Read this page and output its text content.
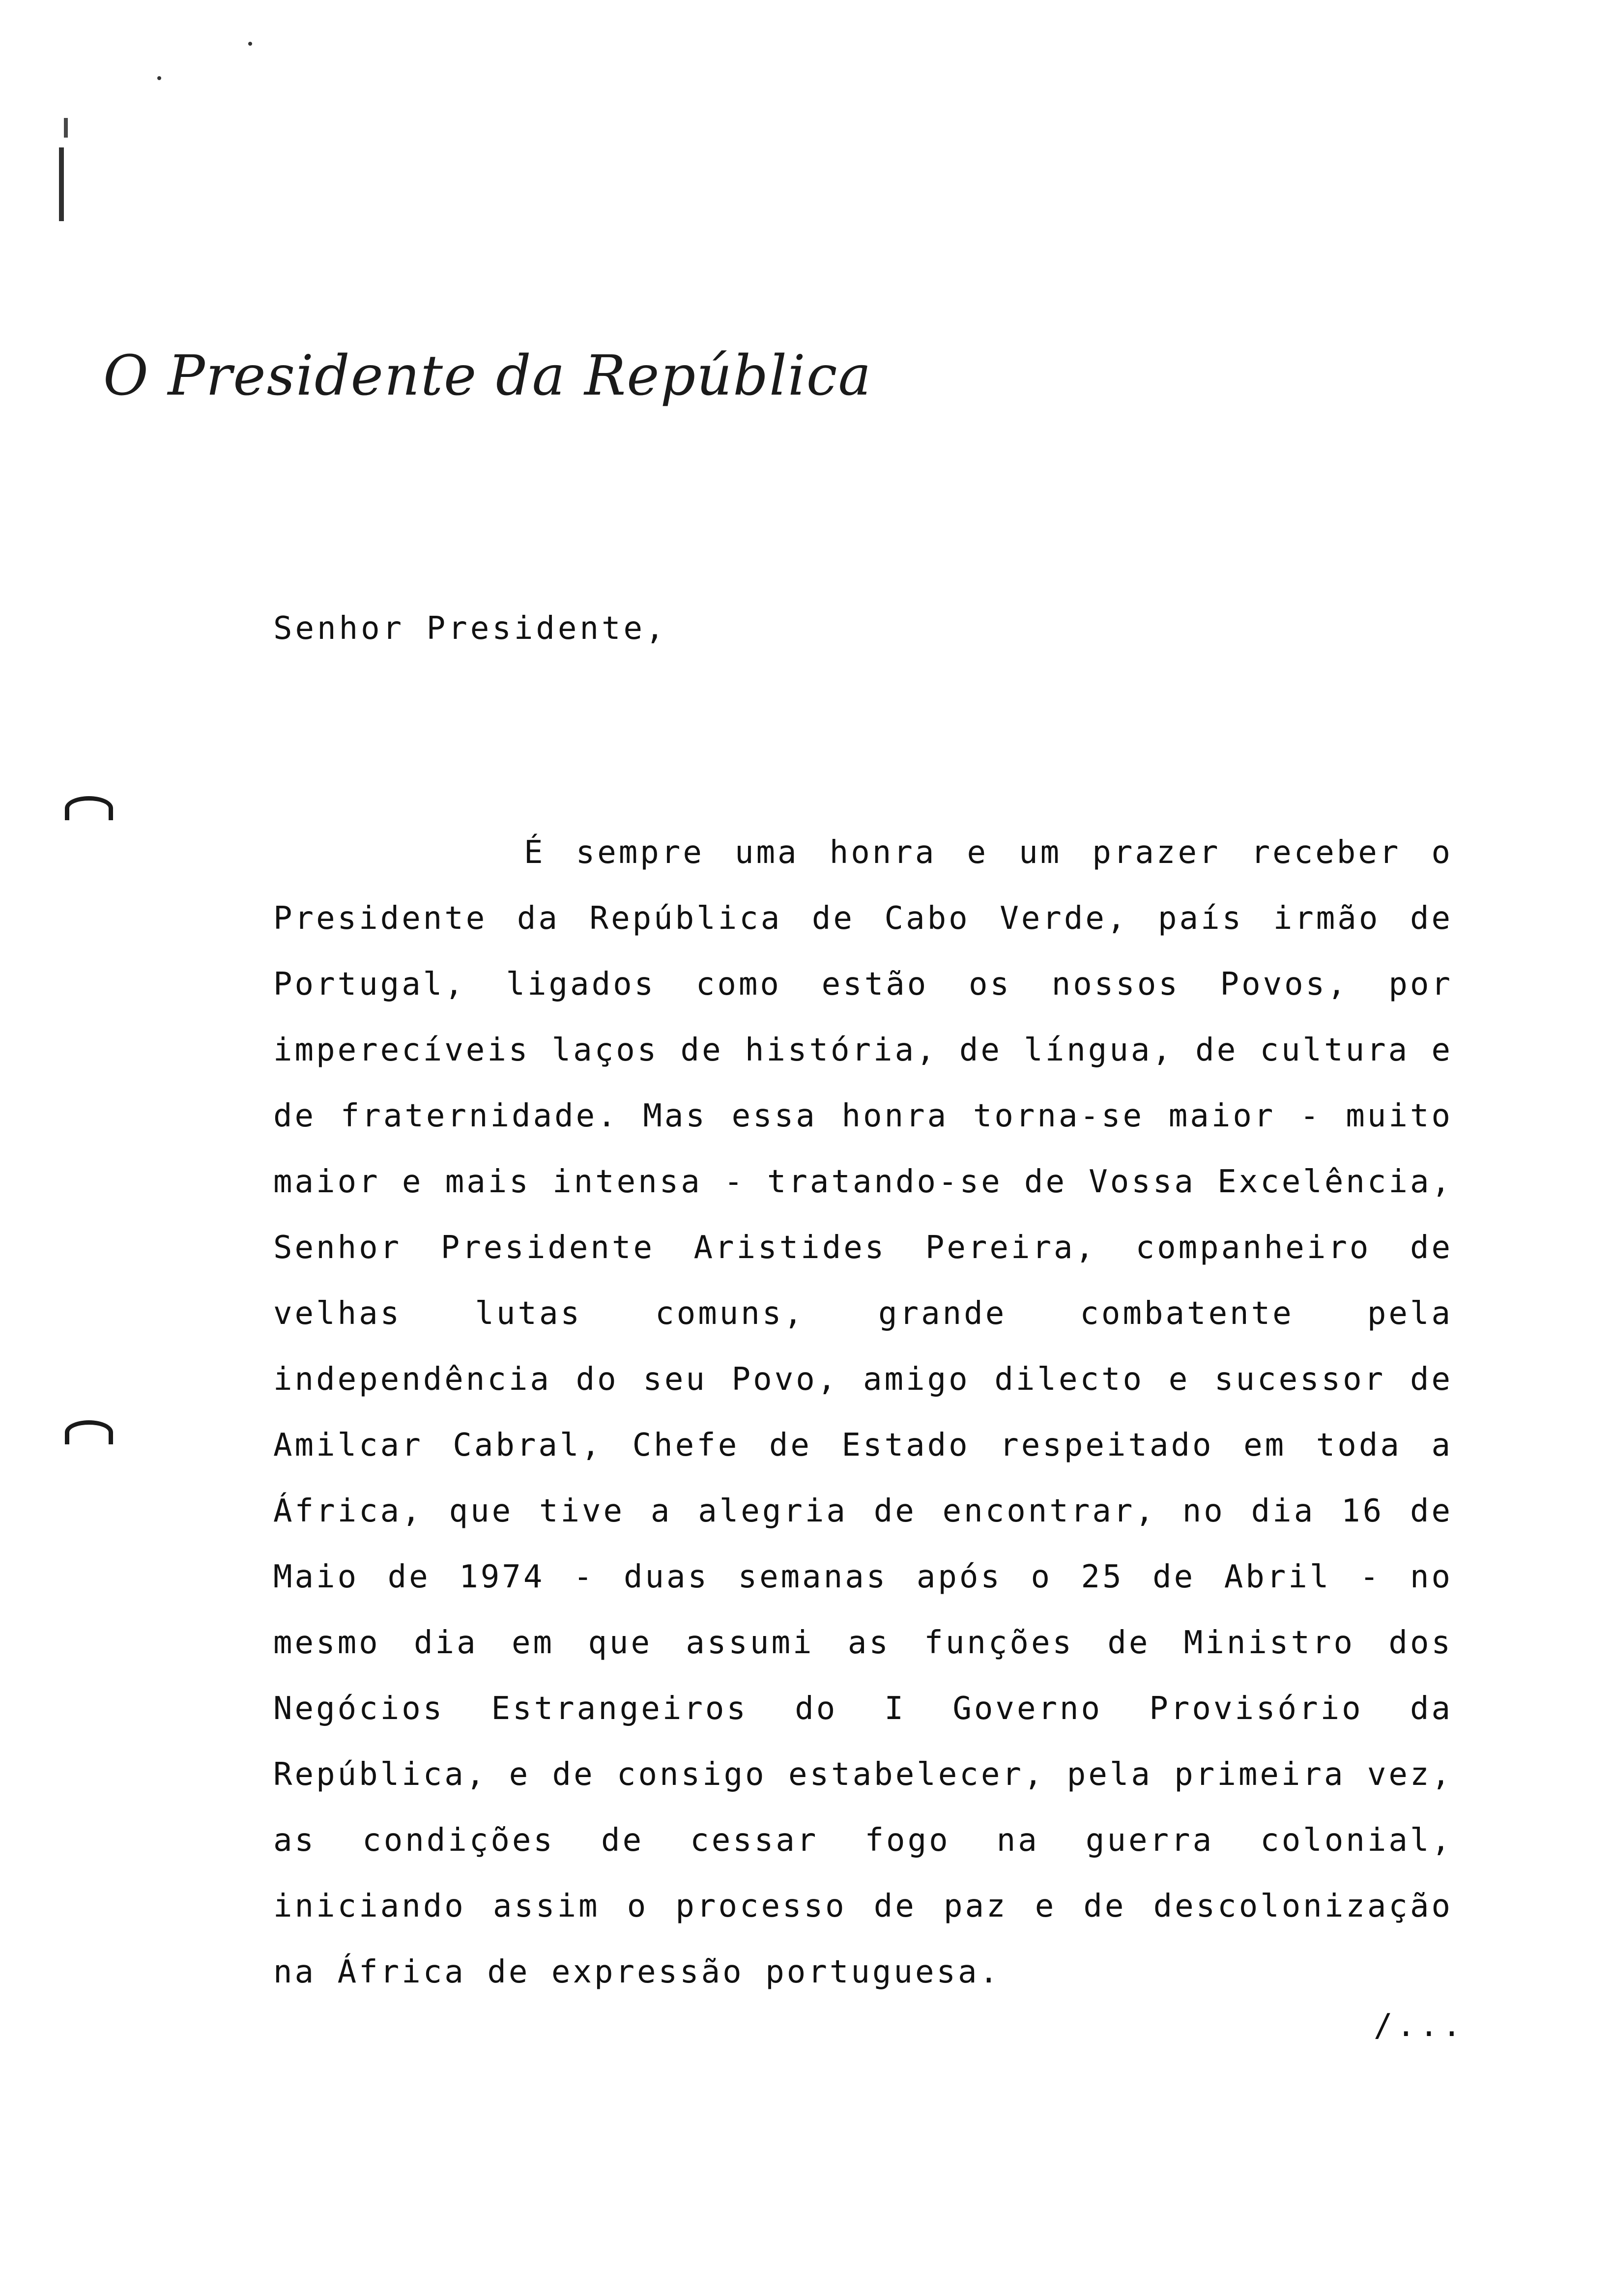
O Presidente da República
Senhor Presidente,

É sempre uma honra e um prazer receber o Presidente da República de Cabo Verde, país irmão de Portugal, ligados como estão os nossos Povos, por imperecíveis laços de história, de língua, de cultura e de fraternidade. Mas essa honra torna-se maior - muito maior e mais intensa - tratando-se de Vossa Excelência, Senhor Presidente Aristides Pereira, companheiro de velhas lutas comuns, grande combatente pela independência do seu Povo, amigo dilecto e sucessor de Amilcar Cabral, Chefe de Estado respeitado em toda a África, que tive a alegria de encontrar, no dia 16 de Maio de 1974 - duas semanas após o 25 de Abril - no mesmo dia em que assumi as funções de Ministro dos Negócios Estrangeiros do I Governo Provisório da República, e de consigo estabelecer, pela primeira vez, as condições de cessar fogo na guerra colonial, iniciando assim o processo de paz e de descolonização na África de expressão portuguesa.

/...
